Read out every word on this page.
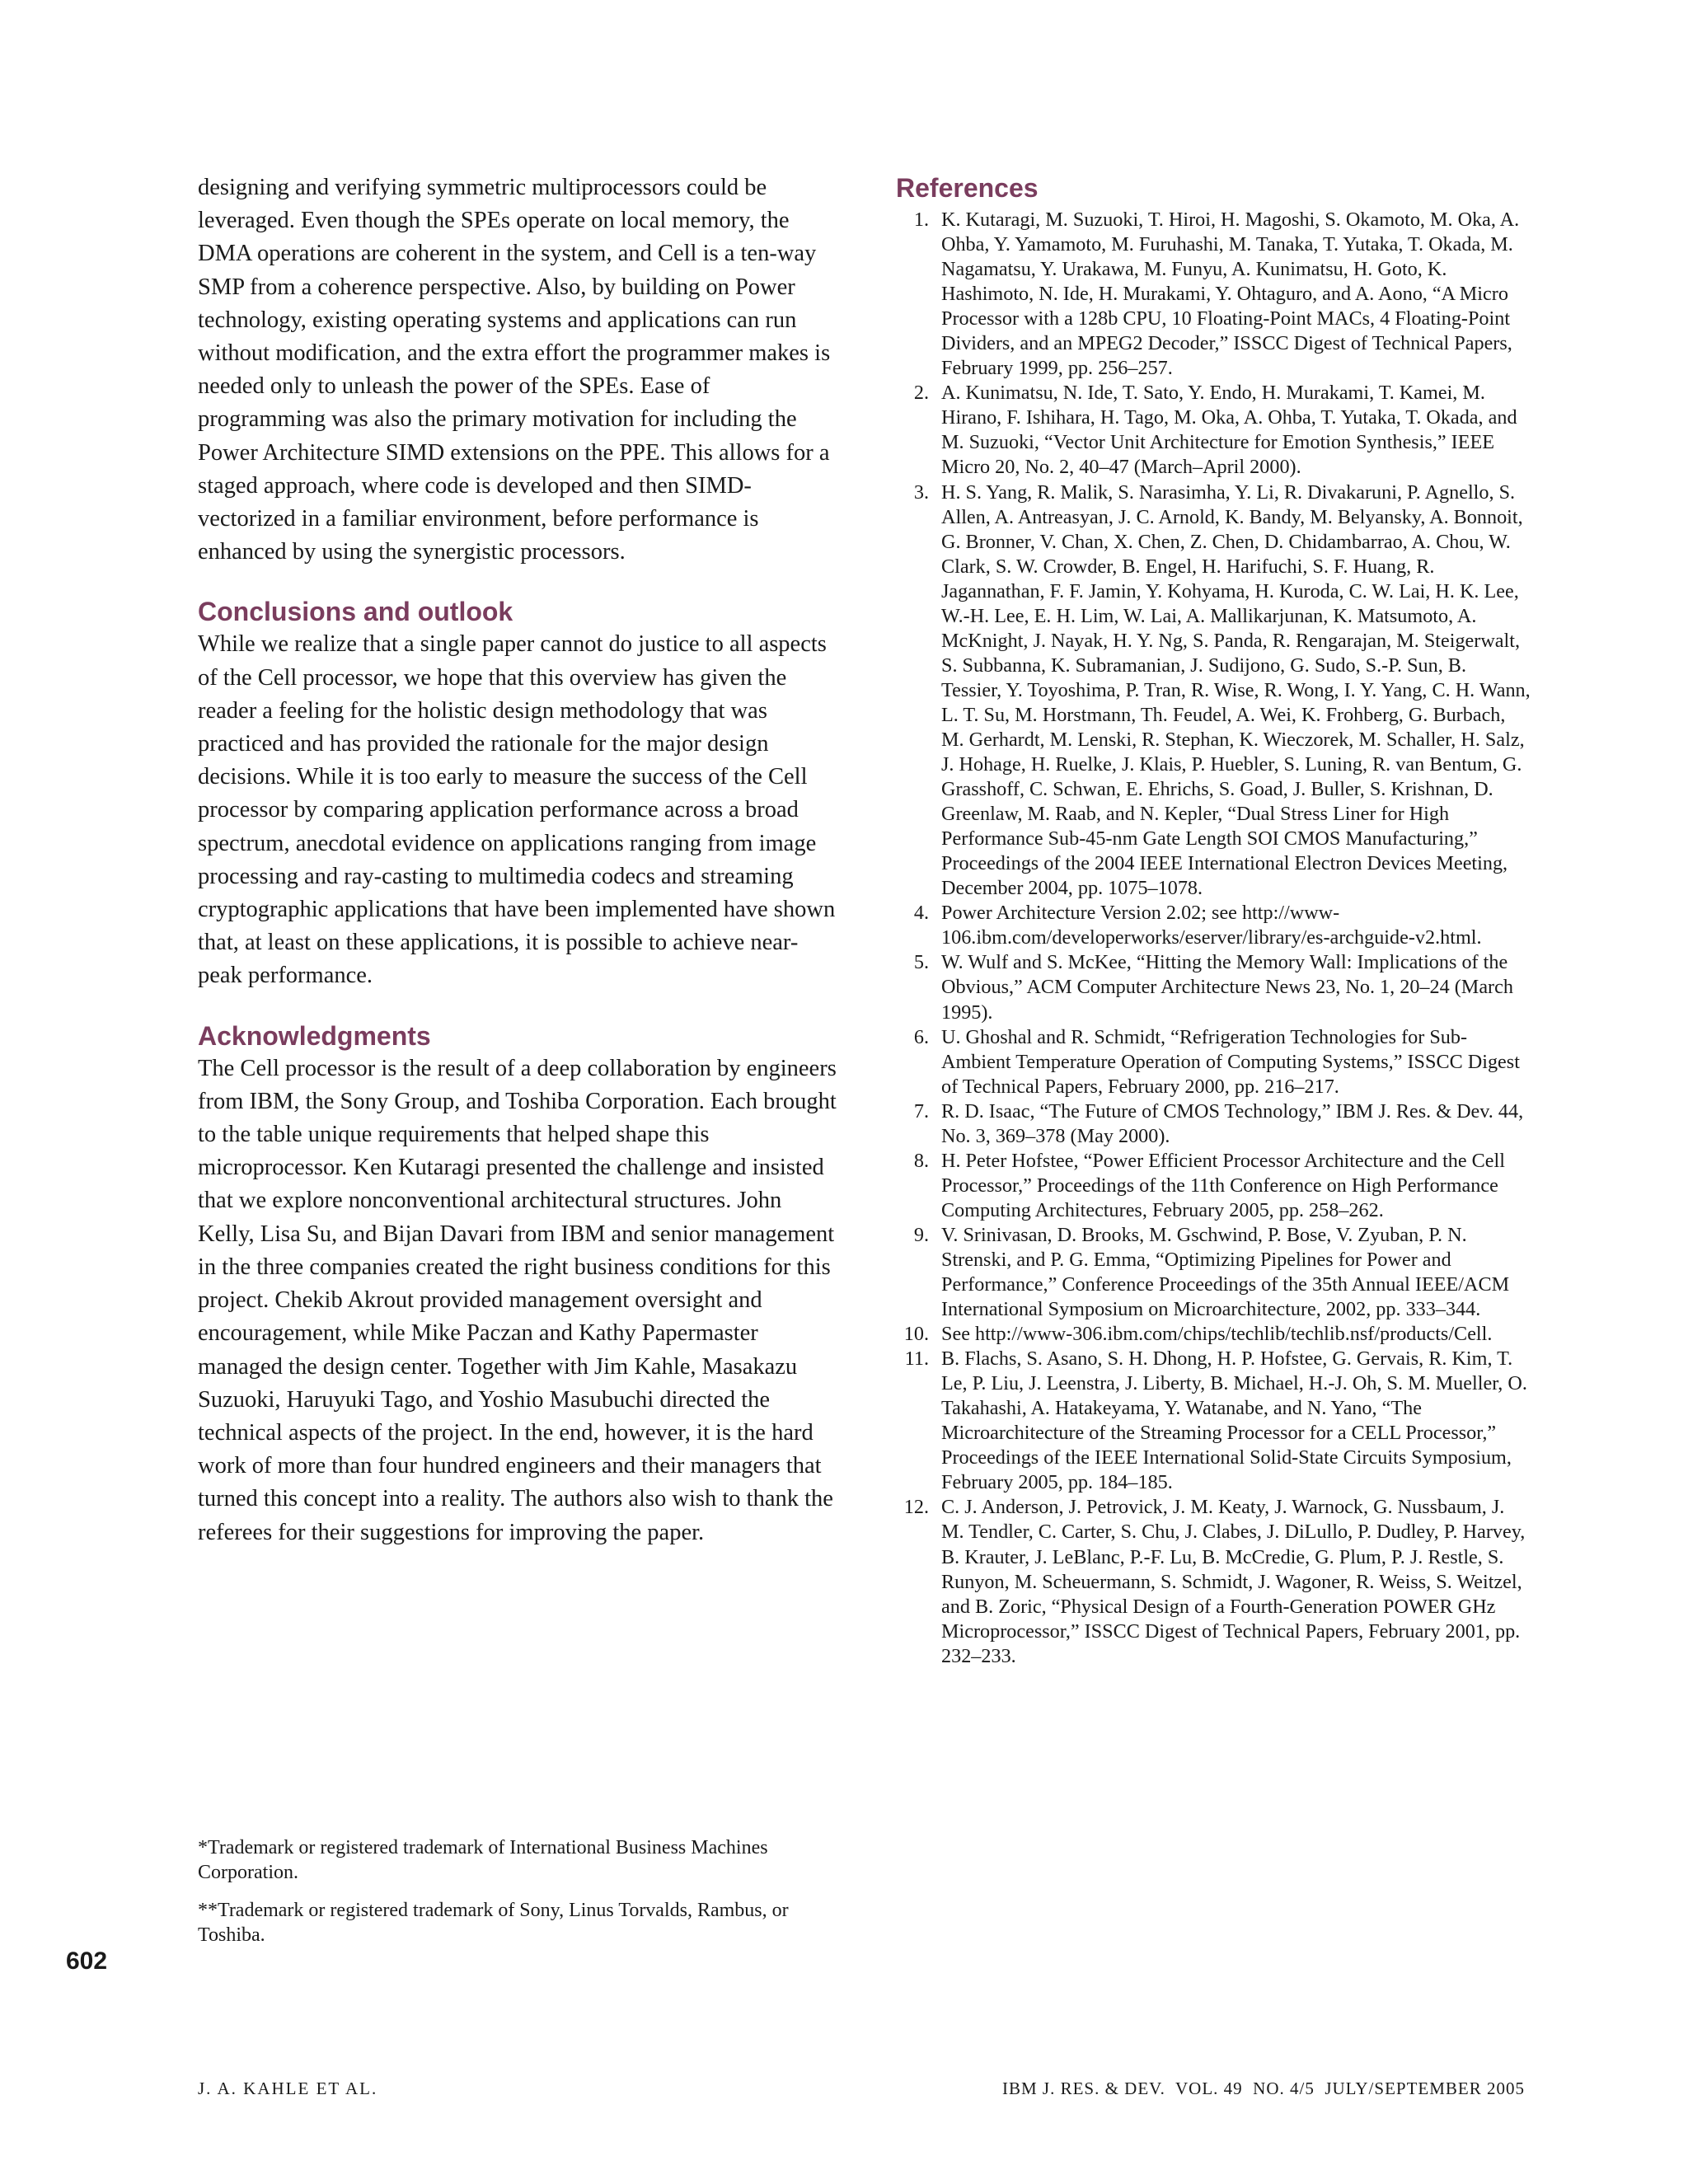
designing and verifying symmetric multiprocessors could be leveraged. Even though the SPEs operate on local memory, the DMA operations are coherent in the system, and Cell is a ten-way SMP from a coherence perspective. Also, by building on Power technology, existing operating systems and applications can run without modification, and the extra effort the programmer makes is needed only to unleash the power of the SPEs. Ease of programming was also the primary motivation for including the Power Architecture SIMD extensions on the PPE. This allows for a staged approach, where code is developed and then SIMD-vectorized in a familiar environment, before performance is enhanced by using the synergistic processors.

Conclusions and outlook

While we realize that a single paper cannot do justice to all aspects of the Cell processor, we hope that this overview has given the reader a feeling for the holistic design methodology that was practiced and has provided the rationale for the major design decisions. While it is too early to measure the success of the Cell processor by comparing application performance across a broad spectrum, anecdotal evidence on applications ranging from image processing and ray-casting to multimedia codecs and streaming cryptographic applications that have been implemented have shown that, at least on these applications, it is possible to achieve near-peak performance.

Acknowledgments

The Cell processor is the result of a deep collaboration by engineers from IBM, the Sony Group, and Toshiba Corporation. Each brought to the table unique requirements that helped shape this microprocessor. Ken Kutaragi presented the challenge and insisted that we explore nonconventional architectural structures. John Kelly, Lisa Su, and Bijan Davari from IBM and senior management in the three companies created the right business conditions for this project. Chekib Akrout provided management oversight and encouragement, while Mike Paczan and Kathy Papermaster managed the design center. Together with Jim Kahle, Masakazu Suzuoki, Haruyuki Tago, and Yoshio Masubuchi directed the technical aspects of the project. In the end, however, it is the hard work of more than four hundred engineers and their managers that turned this concept into a reality. The authors also wish to thank the referees for their suggestions for improving the paper.

*Trademark or registered trademark of International Business Machines Corporation.

**Trademark or registered trademark of Sony, Linus Torvalds, Rambus, or Toshiba.

References
1. K. Kutaragi, M. Suzuoki, T. Hiroi, H. Magoshi, S. Okamoto, M. Oka, A. Ohba, Y. Yamamoto, M. Furuhashi, M. Tanaka, T. Yutaka, T. Okada, M. Nagamatsu, Y. Urakawa, M. Funyu, A. Kunimatsu, H. Goto, K. Hashimoto, N. Ide, H. Murakami, Y. Ohtaguro, and A. Aono, “A Micro Processor with a 128b CPU, 10 Floating-Point MACs, 4 Floating-Point Dividers, and an MPEG2 Decoder,” ISSCC Digest of Technical Papers, February 1999, pp. 256–257.
2. A. Kunimatsu, N. Ide, T. Sato, Y. Endo, H. Murakami, T. Kamei, M. Hirano, F. Ishihara, H. Tago, M. Oka, A. Ohba, T. Yutaka, T. Okada, and M. Suzuoki, “Vector Unit Architecture for Emotion Synthesis,” IEEE Micro 20, No. 2, 40–47 (March–April 2000).
3. H. S. Yang, R. Malik, S. Narasimha, Y. Li, R. Divakaruni, P. Agnello, S. Allen, A. Antreasyan, J. C. Arnold, K. Bandy, M. Belyansky, A. Bonnoit, G. Bronner, V. Chan, X. Chen, Z. Chen, D. Chidambarrao, A. Chou, W. Clark, S. W. Crowder, B. Engel, H. Harifuchi, S. F. Huang, R. Jagannathan, F. F. Jamin, Y. Kohyama, H. Kuroda, C. W. Lai, H. K. Lee, W.-H. Lee, E. H. Lim, W. Lai, A. Mallikarjunan, K. Matsumoto, A. McKnight, J. Nayak, H. Y. Ng, S. Panda, R. Rengarajan, M. Steigerwalt, S. Subbanna, K. Subramanian, J. Sudijono, G. Sudo, S.-P. Sun, B. Tessier, Y. Toyoshima, P. Tran, R. Wise, R. Wong, I. Y. Yang, C. H. Wann, L. T. Su, M. Horstmann, Th. Feudel, A. Wei, K. Frohberg, G. Burbach, M. Gerhardt, M. Lenski, R. Stephan, K. Wieczorek, M. Schaller, H. Salz, J. Hohage, H. Ruelke, J. Klais, P. Huebler, S. Luning, R. van Bentum, G. Grasshoff, C. Schwan, E. Ehrichs, S. Goad, J. Buller, S. Krishnan, D. Greenlaw, M. Raab, and N. Kepler, “Dual Stress Liner for High Performance Sub-45-nm Gate Length SOI CMOS Manufacturing,” Proceedings of the 2004 IEEE International Electron Devices Meeting, December 2004, pp. 1075–1078.
4. Power Architecture Version 2.02; see http://www-106.ibm.com/developerworks/eserver/library/es-archguide-v2.html.
5. W. Wulf and S. McKee, “Hitting the Memory Wall: Implications of the Obvious,” ACM Computer Architecture News 23, No. 1, 20–24 (March 1995).
6. U. Ghoshal and R. Schmidt, “Refrigeration Technologies for Sub-Ambient Temperature Operation of Computing Systems,” ISSCC Digest of Technical Papers, February 2000, pp. 216–217.
7. R. D. Isaac, “The Future of CMOS Technology,” IBM J. Res. & Dev. 44, No. 3, 369–378 (May 2000).
8. H. Peter Hofstee, “Power Efficient Processor Architecture and the Cell Processor,” Proceedings of the 11th Conference on High Performance Computing Architectures, February 2005, pp. 258–262.
9. V. Srinivasan, D. Brooks, M. Gschwind, P. Bose, V. Zyuban, P. N. Strenski, and P. G. Emma, “Optimizing Pipelines for Power and Performance,” Conference Proceedings of the 35th Annual IEEE/ACM International Symposium on Microarchitecture, 2002, pp. 333–344.
10. See http://www-306.ibm.com/chips/techlib/techlib.nsf/products/Cell.
11. B. Flachs, S. Asano, S. H. Dhong, H. P. Hofstee, G. Gervais, R. Kim, T. Le, P. Liu, J. Leenstra, J. Liberty, B. Michael, H.-J. Oh, S. M. Mueller, O. Takahashi, A. Hatakeyama, Y. Watanabe, and N. Yano, “The Microarchitecture of the Streaming Processor for a CELL Processor,” Proceedings of the IEEE International Solid-State Circuits Symposium, February 2005, pp. 184–185.
12. C. J. Anderson, J. Petrovick, J. M. Keaty, J. Warnock, G. Nussbaum, J. M. Tendler, C. Carter, S. Chu, J. Clabes, J. DiLullo, P. Dudley, P. Harvey, B. Krauter, J. LeBlanc, P.-F. Lu, B. McCredie, G. Plum, P. J. Restle, S. Runyon, M. Scheuermann, S. Schmidt, J. Wagoner, R. Weiss, S. Weitzel, and B. Zoric, “Physical Design of a Fourth-Generation POWER GHz Microprocessor,” ISSCC Digest of Technical Papers, February 2001, pp. 232–233.
602
J. A. KAHLE ET AL.	IBM J. RES. & DEV.  VOL. 49  NO. 4/5  JULY/SEPTEMBER 2005
